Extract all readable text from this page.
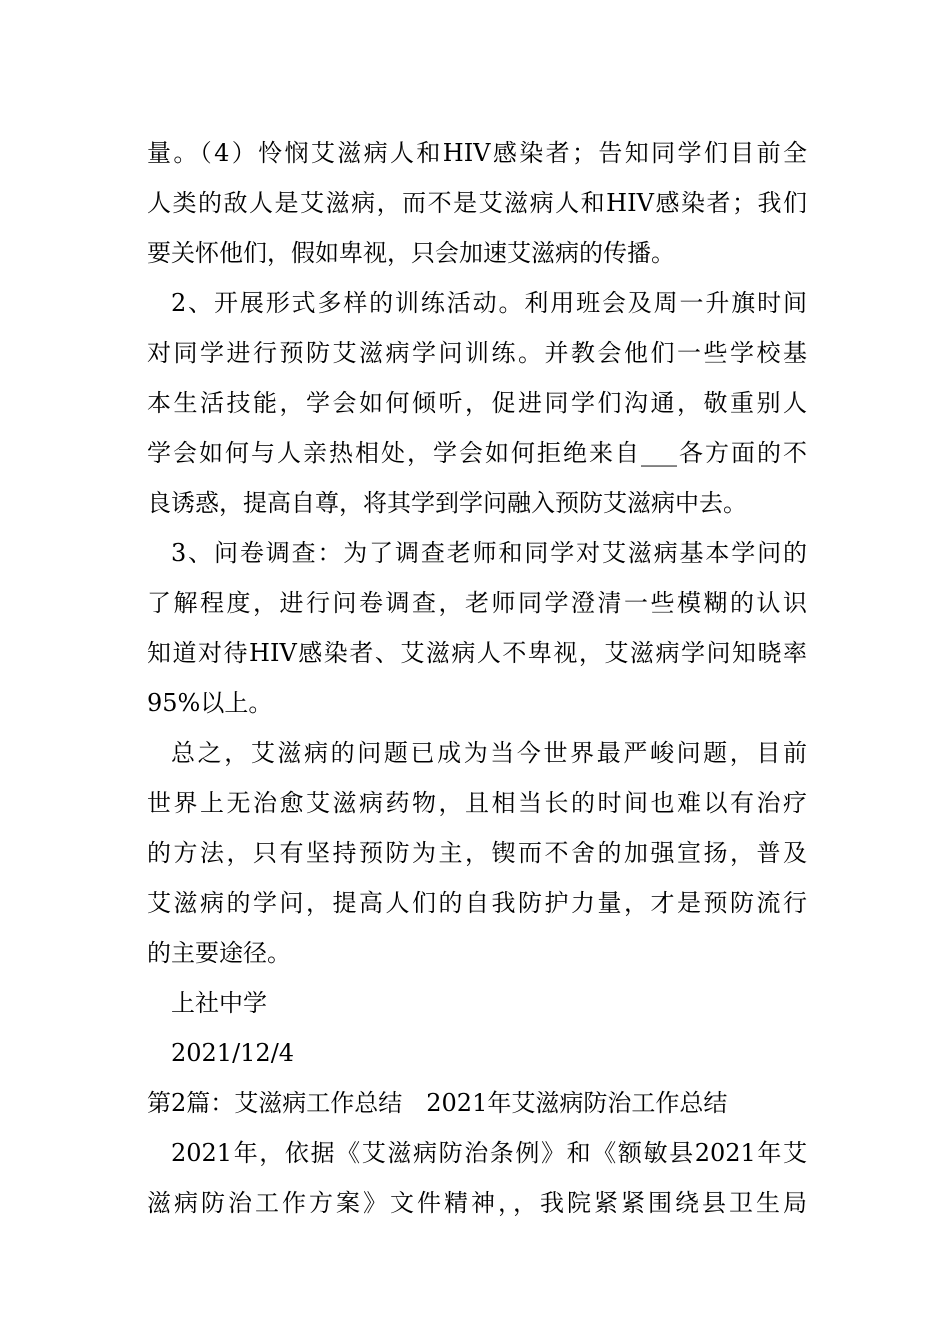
量。（4）怜悯艾滋病人和HIV感染者；告知同学们目前全
人类的敌人是艾滋病，而不是艾滋病人和HIV感染者；我们
要关怀他们，假如卑视，只会加速艾滋病的传播。
2、开展形式多样的训练活动。利用班会及周一升旗时间
对同学进行预防艾滋病学问训练。并教会他们一些学校基
本生活技能，学会如何倾听，促进同学们沟通，敬重别人
学会如何与人亲热相处，学会如何拒绝来自___各方面的不
良诱惑，提高自尊，将其学到学问融入预防艾滋病中去。
3、问卷调查：为了调查老师和同学对艾滋病基本学问的
了解程度，进行问卷调查，老师同学澄清一些模糊的认识
知道对待HIV感染者、艾滋病人不卑视，艾滋病学问知晓率
95%以上。
总之，艾滋病的问题已成为当今世界最严峻问题，目前
世界上无治愈艾滋病药物，且相当长的时间也难以有治疗
的方法，只有坚持预防为主，锲而不舍的加强宣扬，普及
艾滋病的学问，提高人们的自我防护力量，才是预防流行
的主要途径。
上社中学
2021/12/4
第2篇：艾滋病工作总结　2021年艾滋病防治工作总结
2021年，依据《艾滋病防治条例》和《额敏县2021年艾
滋病防治工作方案》文件精神，，我院紧紧围绕县卫生局
